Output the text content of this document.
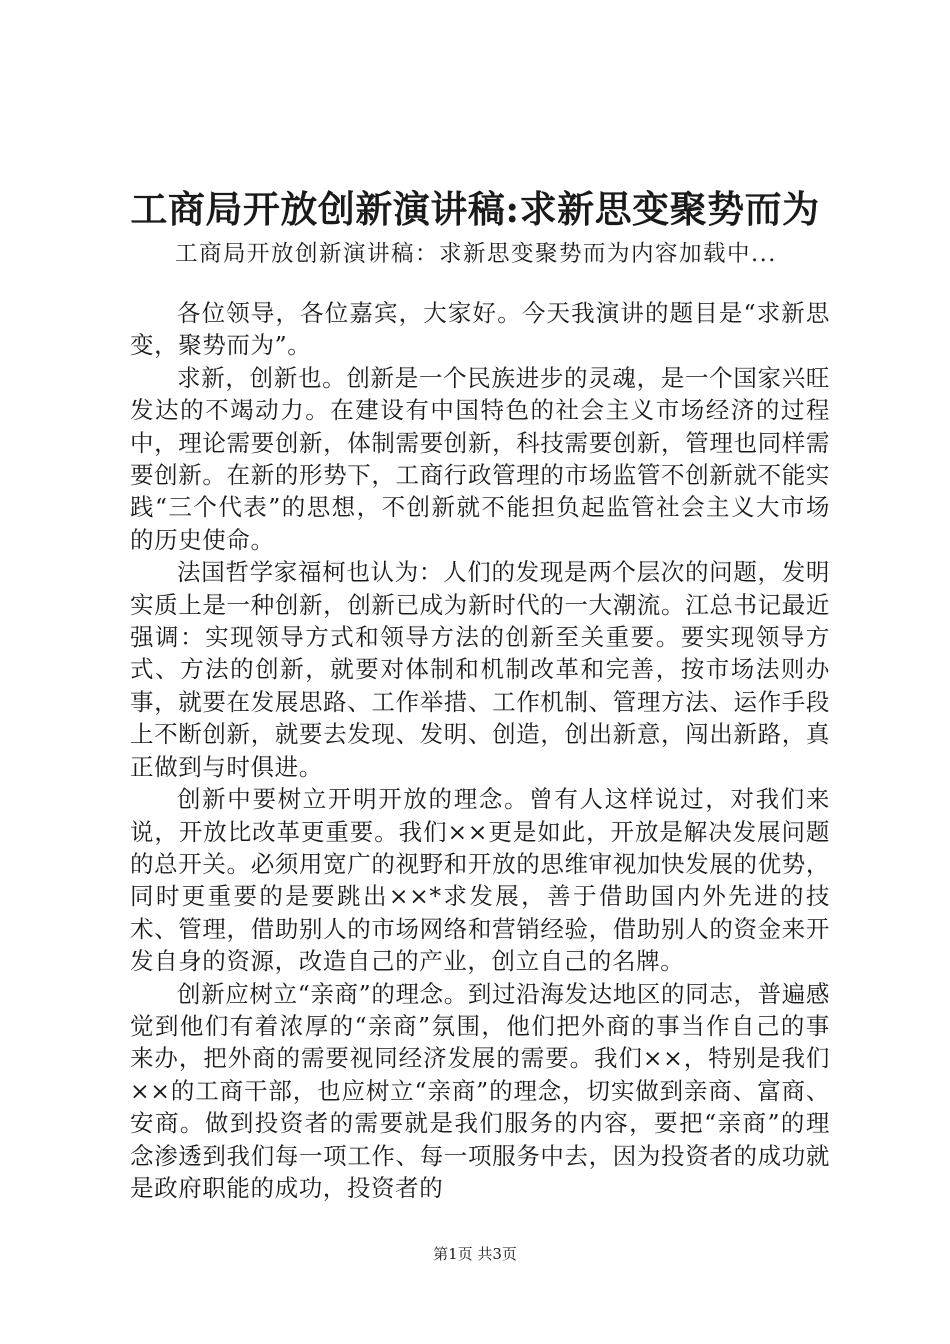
工商局开放创新演讲稿:求新思变聚势而为
工商局开放创新演讲稿：求新思变聚势而为内容加载中...

各位领导，各位嘉宾，大家好。今天我演讲的题目是“求新思变，聚势而为”。

求新，创新也。创新是一个民族进步的灵魂，是一个国家兴旺发达的不竭动力。在建设有中国特色的社会主义市场经济的过程中，理论需要创新，体制需要创新，科技需要创新，管理也同样需要创新。在新的形势下，工商行政管理的市场监管不创新就不能实践“三个代表”的思想，不创新就不能担负起监管社会主义大市场的历史使命。

法国哲学家福柯也认为：人们的发现是两个层次的问题，发明实质上是一种创新，创新已成为新时代的一大潮流。江总书记最近强调：实现领导方式和领导方法的创新至关重要。要实现领导方式、方法的创新，就要对体制和机制改革和完善，按市场法则办事，就要在发展思路、工作举措、工作机制、管理方法、运作手段上不断创新，就要去发现、发明、创造，创出新意，闯出新路，真正做到与时俱进。

创新中要树立开明开放的理念。曾有人这样说过，对我们来说，开放比改革更重要。我们××更是如此，开放是解决发展问题的总开关。必须用宽广的视野和开放的思维审视加快发展的优势，同时更重要的是要跳出××*求发展，善于借助国内外先进的技术、管理，借助别人的市场网络和营销经验，借助别人的资金来开发自身的资源，改造自己的产业，创立自己的名牌。

创新应树立“亲商”的理念。到过沿海发达地区的同志，普遍感觉到他们有着浓厚的“亲商”氛围，他们把外商的事当作自己的事来办，把外商的需要视同经济发展的需要。我们××，特别是我们××的工商干部，也应树立“亲商”的理念，切实做到亲商、富商、安商。做到投资者的需要就是我们服务的内容，要把“亲商”的理念渗透到我们每一项工作、每一项服务中去，因为投资者的成功就是政府职能的成功，投资者的

第1页 共3页
